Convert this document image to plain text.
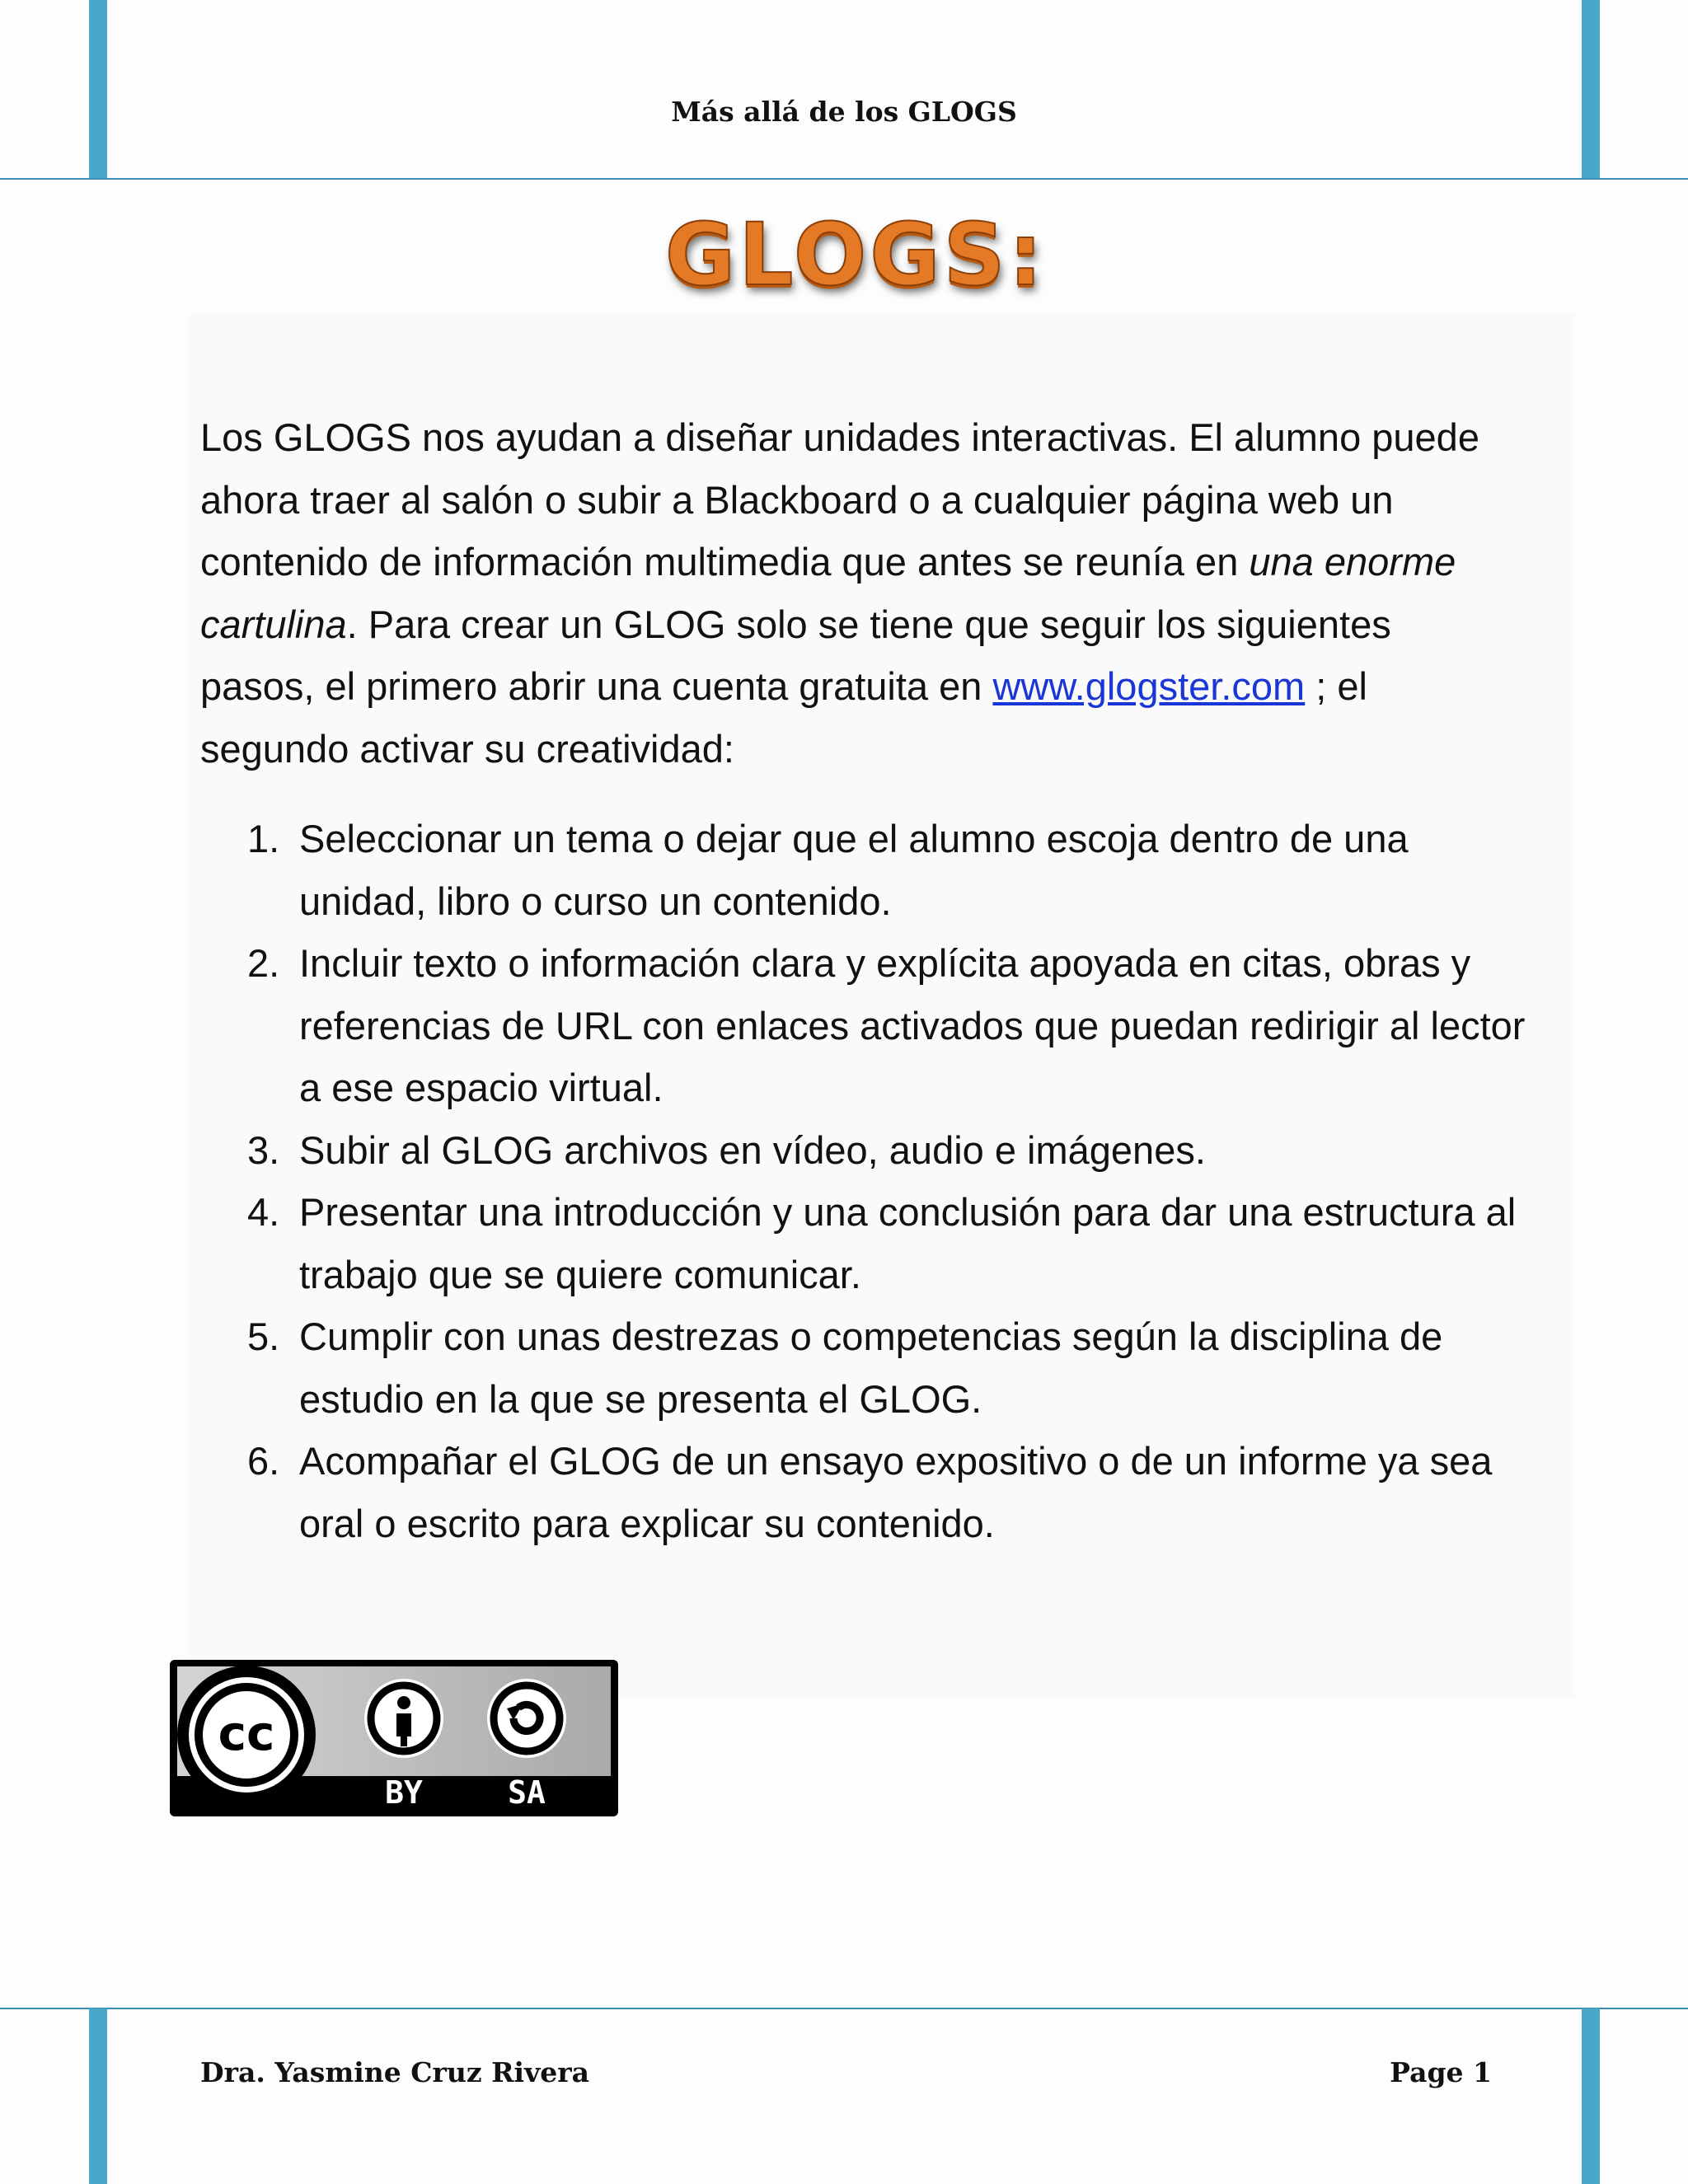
Más allá de los GLOGS
GLOGS:
Los GLOGS nos ayudan a diseñar unidades interactivas. El alumno puede ahora traer al salón o subir a Blackboard o a cualquier página web un contenido de información multimedia que antes se reunía en una enorme cartulina. Para crear un GLOG solo se tiene que seguir los siguientes pasos, el primero abrir una cuenta gratuita en www.glogster.com ; el segundo activar su creatividad:
1. Seleccionar un tema o dejar que el alumno escoja dentro de una unidad, libro o curso un contenido.
2. Incluir texto o información clara y explícita apoyada en citas, obras y referencias de URL con enlaces activados que puedan redirigir al lector a ese espacio virtual.
3. Subir al GLOG archivos en vídeo, audio e imágenes.
4. Presentar una introducción y una conclusión para dar una estructura al trabajo que se quiere comunicar.
5. Cumplir con unas destrezas o competencias según la disciplina de estudio en la que se presenta el GLOG.
6. Acompañar el GLOG de un ensayo expositivo o de un informe ya sea oral o escrito para explicar su contenido.
cc
BY	SA
Dra. Yasmine Cruz Rivera	Page 1
